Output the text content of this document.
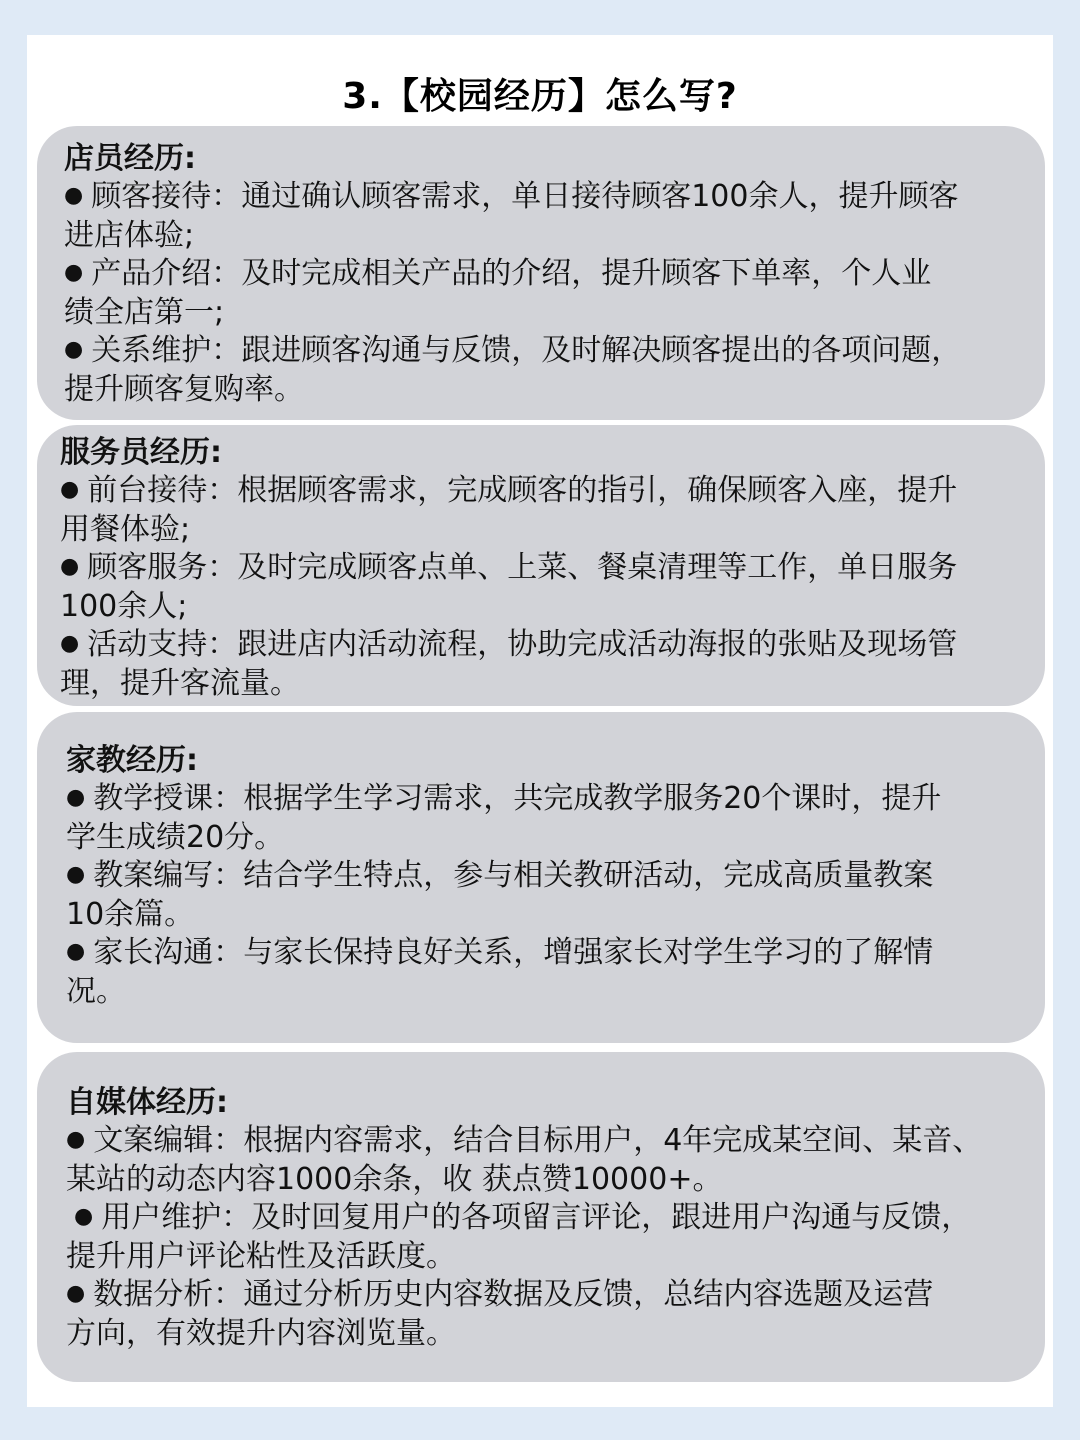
3.【校园经历】怎么写?
店员经历:
● 顾客接待：通过确认顾客需求，单日接待顾客100余人，提升顾客
进店体验;
● 产品介绍：及时完成相关产品的介绍，提升顾客下单率，个人业
绩全店第一;
● 关系维护：跟进顾客沟通与反馈，及时解决顾客提出的各项问题，
提升顾客复购率。
服务员经历:
● 前台接待：根据顾客需求，完成顾客的指引，确保顾客入座，提升
用餐体验;
● 顾客服务：及时完成顾客点单、上菜、餐桌清理等工作，单日服务
100余人;
● 活动支持：跟进店内活动流程，协助完成活动海报的张贴及现场管
理，提升客流量。
家教经历:
● 教学授课：根据学生学习需求，共完成教学服务20个课时，提升
学生成绩20分。
● 教案编写：结合学生特点，参与相关教研活动，完成高质量教案
10余篇。
● 家长沟通：与家长保持良好关系，增强家长对学生学习的了解情
况。
自媒体经历:
● 文案编辑：根据内容需求，结合目标用户，4年完成某空间、某音、
某站的动态内容1000余条，收 获点赞10000+。
● 用户维护：及时回复用户的各项留言评论，跟进用户沟通与反馈，
提升用户评论粘性及活跃度。
● 数据分析：通过分析历史内容数据及反馈，总结内容选题及运营
方向，有效提升内容浏览量。
